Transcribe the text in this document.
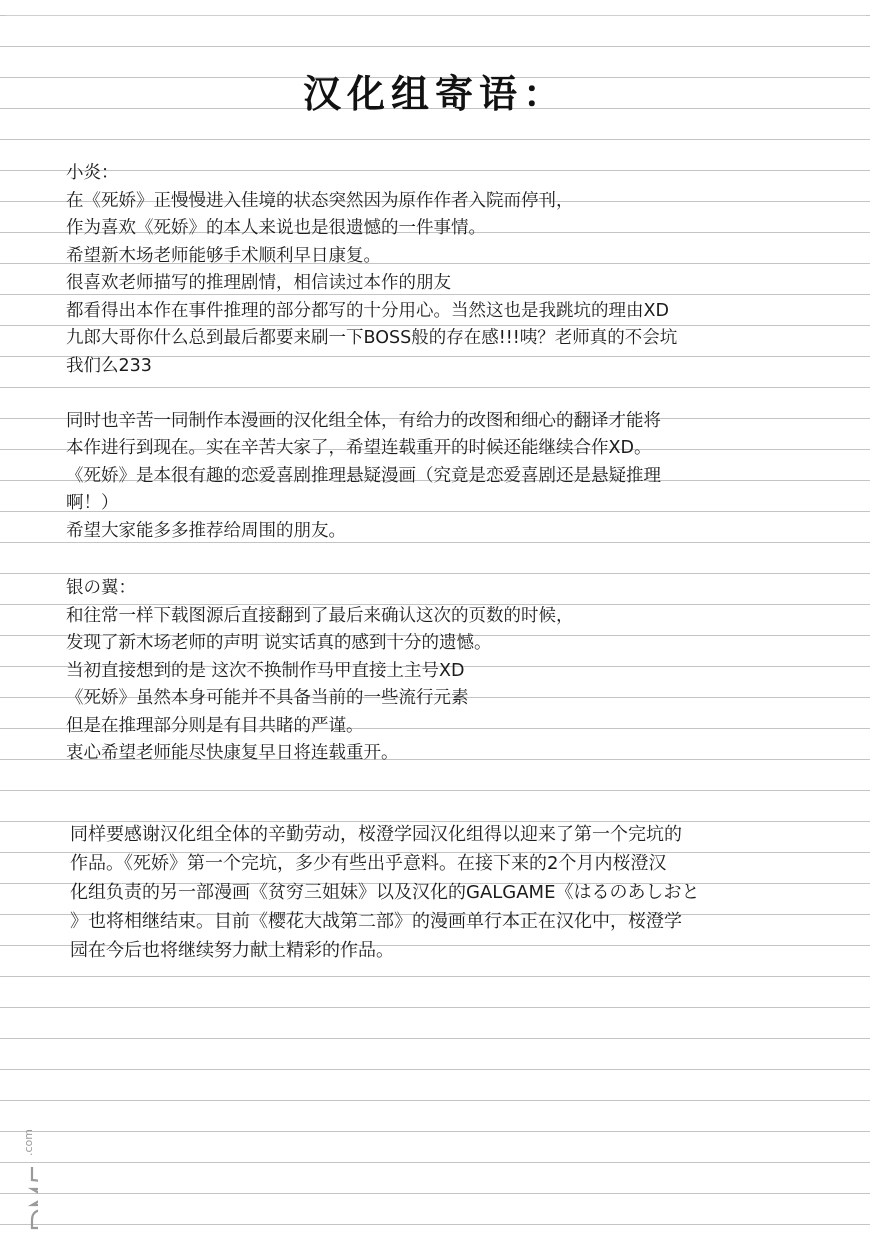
汉化组寄语：
小炎：
在《死娇》正慢慢进入佳境的状态突然因为原作作者入院而停刊，
作为喜欢《死娇》的本人来说也是很遗憾的一件事情。
希望新木场老师能够手术顺利早日康复。
很喜欢老师描写的推理剧情，相信读过本作的朋友
都看得出本作在事件推理的部分都写的十分用心。当然这也是我跳坑的理由XD
九郎大哥你什么总到最后都要来刷一下BOSS般的存在感!!!咦？老师真的不会坑
我们么233
同时也辛苦一同制作本漫画的汉化组全体，有给力的改图和细心的翻译才能将
本作进行到现在。实在辛苦大家了，希望连载重开的时候还能继续合作XD。
《死娇》是本很有趣的恋爱喜剧推理悬疑漫画（究竟是恋爱喜剧还是悬疑推理
啊！）
希望大家能多多推荐给周围的朋友。
银の翼：
和往常一样下载图源后直接翻到了最后来确认这次的页数的时候，
发现了新木场老师的声明 说实话真的感到十分的遗憾。
当初直接想到的是 这次不换制作马甲直接上主号XD
《死娇》虽然本身可能并不具备当前的一些流行元素
但是在推理部分则是有目共睹的严谨。
衷心希望老师能尽快康复早日将连载重开。
同样要感谢汉化组全体的辛勤劳动，桜澄学园汉化组得以迎来了第一个完坑的
作品。《死娇》第一个完坑，多少有些出乎意料。在接下来的2个月内桜澄汉
化组负责的另一部漫画《贫穷三姐妹》以及汉化的GALGAME《はるのあしおと
》也将相继结束。目前《樱花大战第二部》的漫画单行本正在汉化中，桜澄学
园在今后也将继续努力献上精彩的作品。
.com
